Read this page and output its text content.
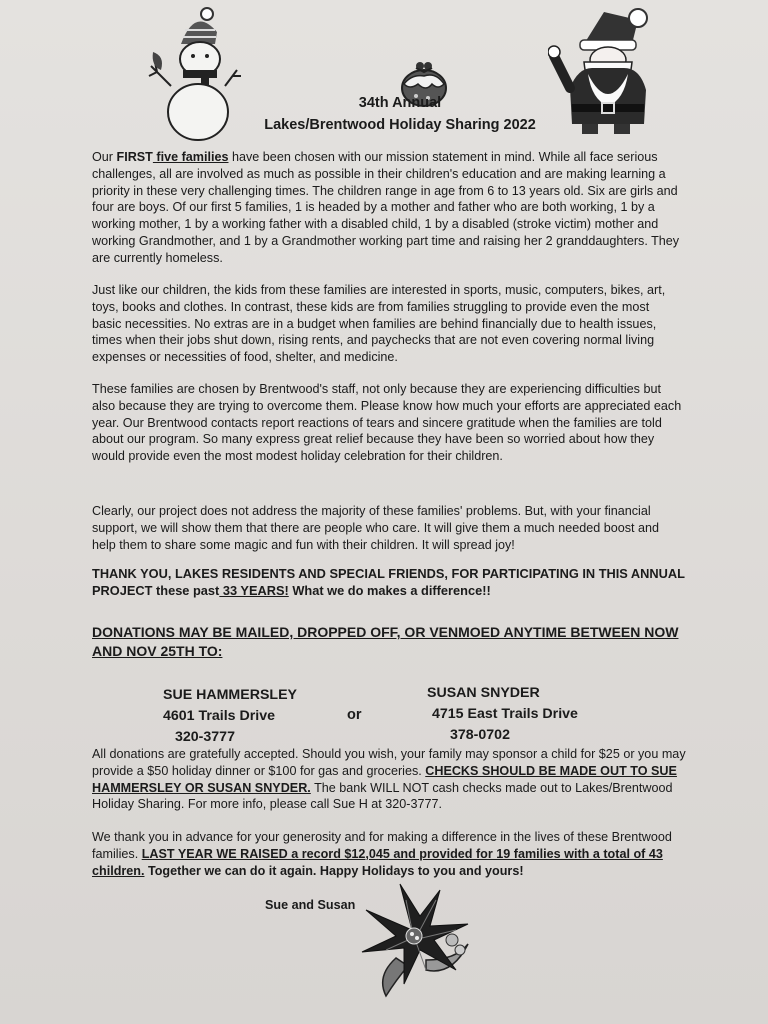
34th Annual
Lakes/Brentwood Holiday Sharing 2022

Our FIRST five families have been chosen with our mission statement in mind. While all face serious challenges, all are involved as much as possible in their children's education and are making learning a priority in these very challenging times. The children range in age from 6 to 13 years old. Six are girls and four are boys. Of our first 5 families, 1 is headed by a mother and father who are both working, 1 by a working mother, 1 by a working father with a disabled child, 1 by a disabled (stroke victim) mother and working Grandmother, and 1 by a Grandmother working part time and raising her 2 granddaughters. They are currently homeless.

Just like our children, the kids from these families are interested in sports, music, computers, bikes, art, toys, books and clothes. In contrast, these kids are from families struggling to provide even the most basic necessities. No extras are in a budget when families are behind financially due to health issues, times when their jobs shut down, rising rents, and paychecks that are not even covering normal living expenses or necessities of food, shelter, and medicine.

These families are chosen by Brentwood's staff, not only because they are experiencing difficulties but also because they are trying to overcome them. Please know how much your efforts are appreciated each year. Our Brentwood contacts report reactions of tears and sincere gratitude when the families are told about our program. So many express great relief because they have been so worried about how they would provide even the most modest holiday celebration for their children.

Clearly, our project does not address the majority of these families' problems. But, with your financial support, we will show them that there are people who care. It will give them a much needed boost and help them to share some magic and fun with their children. It will spread joy!

THANK YOU, LAKES RESIDENTS AND SPECIAL FRIENDS, FOR PARTICIPATING IN THIS ANNUAL PROJECT these past 33 YEARS! What we do makes a difference!!

DONATIONS MAY BE MAILED, DROPPED OFF, OR VENMOED ANYTIME BETWEEN NOW AND NOV 25TH TO:
SUE HAMMERSLEY
4601 Trails Drive
320-3777
or
SUSAN SNYDER
4715 East Trails Drive
378-0702

All donations are gratefully accepted. Should you wish, your family may sponsor a child for $25 or you may provide a $50 holiday dinner or $100 for gas and groceries. CHECKS SHOULD BE MADE OUT TO SUE HAMMERSLEY OR SUSAN SNYDER. The bank WILL NOT cash checks made out to Lakes/Brentwood Holiday Sharing. For more info, please call Sue H at 320-3777.

We thank you in advance for your generosity and for making a difference in the lives of these Brentwood families. LAST YEAR WE RAISED a record $12,045 and provided for 19 families with a total of 43 children. Together we can do it again. Happy Holidays to you and yours!

Sue and Susan
